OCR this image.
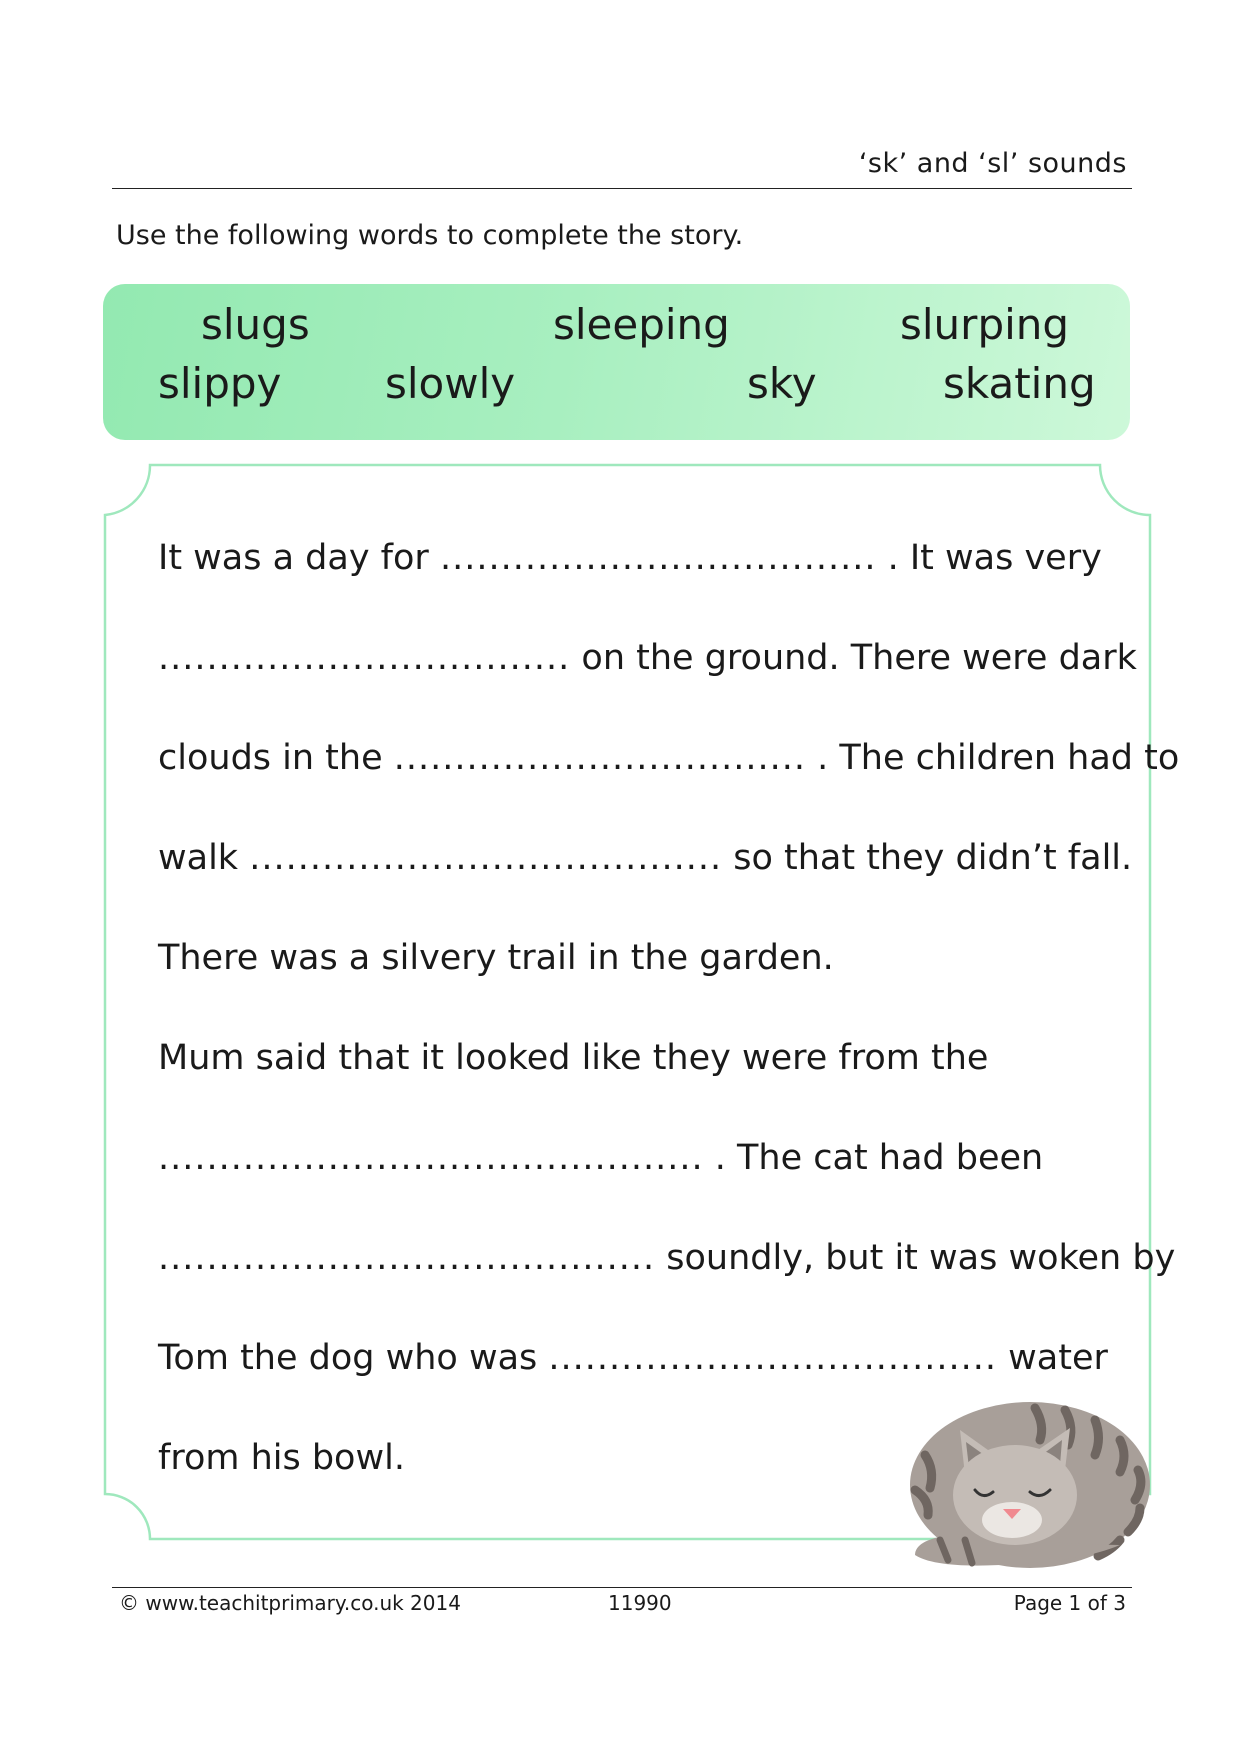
‘sk’ and ‘sl’ sounds
Use the following words to complete the story.
slugs	sleeping	slurping
slippy slowly	sky	skating
It was a day for .................................... . It was very
.................................. on the ground. There were dark
clouds in the .................................. . The children had to
walk ....................................... so that they didn’t fall.
There was a silvery trail in the garden.
Mum said that it looked like they were from the
............................................. . The cat had been
......................................... soundly, but it was woken by
Tom the dog who was ..................................... water
from his bowl.
© www.teachitprimary.co.uk 2014	11990	Page 1 of 3
